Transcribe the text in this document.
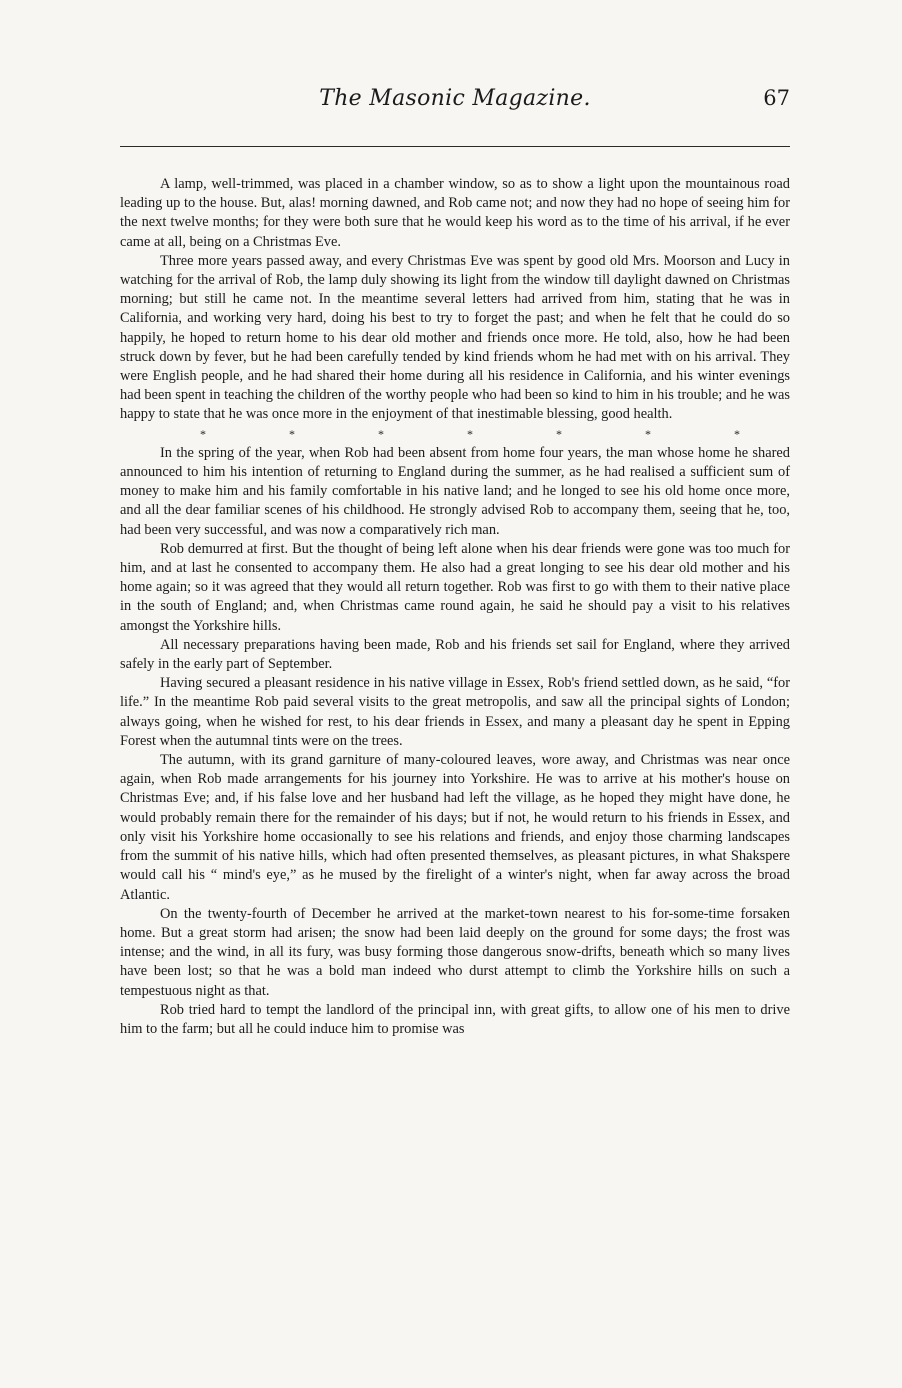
The Masonic Magazine.	67

A lamp, well-trimmed, was placed in a chamber window, so as to show a light upon the mountainous road leading up to the house. But, alas! morning dawned, and Rob came not; and now they had no hope of seeing him for the next twelve months; for they were both sure that he would keep his word as to the time of his arrival, if he ever came at all, being on a Christmas Eve.

Three more years passed away, and every Christmas Eve was spent by good old Mrs. Moorson and Lucy in watching for the arrival of Rob, the lamp duly showing its light from the window till daylight dawned on Christmas morning; but still he came not. In the meantime several letters had arrived from him, stating that he was in California, and working very hard, doing his best to try to forget the past; and when he felt that he could do so happily, he hoped to return home to his dear old mother and friends once more. He told, also, how he had been struck down by fever, but he had been carefully tended by kind friends whom he had met with on his arrival. They were English people, and he had shared their home during all his residence in California, and his winter evenings had been spent in teaching the children of the worthy people who had been so kind to him in his trouble; and he was happy to state that he was once more in the enjoyment of that inestimable blessing, good health.

*	*	*	*	*	*	*

In the spring of the year, when Rob had been absent from home four years, the man whose home he shared announced to him his intention of returning to England during the summer, as he had realised a sufficient sum of money to make him and his family comfortable in his native land; and he longed to see his old home once more, and all the dear familiar scenes of his childhood. He strongly advised Rob to accompany them, seeing that he, too, had been very successful, and was now a comparatively rich man.

Rob demurred at first. But the thought of being left alone when his dear friends were gone was too much for him, and at last he consented to accompany them. He also had a great longing to see his dear old mother and his home again; so it was agreed that they would all return together. Rob was first to go with them to their native place in the south of England; and, when Christmas came round again, he said he should pay a visit to his relatives amongst the Yorkshire hills.

All necessary preparations having been made, Rob and his friends set sail for England, where they arrived safely in the early part of September.

Having secured a pleasant residence in his native village in Essex, Rob's friend settled down, as he said, “for life.” In the meantime Rob paid several visits to the great metropolis, and saw all the principal sights of London; always going, when he wished for rest, to his dear friends in Essex, and many a pleasant day he spent in Epping Forest when the autumnal tints were on the trees.

The autumn, with its grand garniture of many-coloured leaves, wore away, and Christmas was near once again, when Rob made arrangements for his journey into Yorkshire. He was to arrive at his mother's house on Christmas Eve; and, if his false love and her husband had left the village, as he hoped they might have done, he would probably remain there for the remainder of his days; but if not, he would return to his friends in Essex, and only visit his Yorkshire home occasionally to see his relations and friends, and enjoy those charming landscapes from the summit of his native hills, which had often presented themselves, as pleasant pictures, in what Shakspere would call his “ mind's eye,” as he mused by the firelight of a winter's night, when far away across the broad Atlantic.

On the twenty-fourth of December he arrived at the market-town nearest to his for-some-time forsaken home. But a great storm had arisen; the snow had been laid deeply on the ground for some days; the frost was intense; and the wind, in all its fury, was busy forming those dangerous snow-drifts, beneath which so many lives have been lost; so that he was a bold man indeed who durst attempt to climb the Yorkshire hills on such a tempestuous night as that.

Rob tried hard to tempt the landlord of the principal inn, with great gifts, to allow one of his men to drive him to the farm; but all he could induce him to promise was
